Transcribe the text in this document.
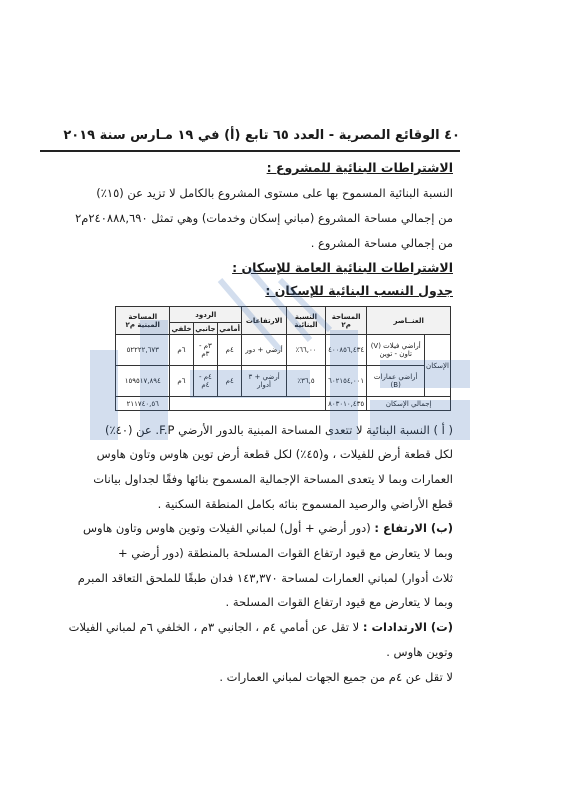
٤٠ الوقائع المصرية - العدد ٦٥ تابع (أ) في ١٩ مـارس سنة ٢٠١٩
الاشتراطات البنائية للمشروع :
النسبة البنائية المسموح بها على مستوى المشروع بالكامل لا تزيد عن (١٥٪)
من إجمالي مساحة المشروع (مباني إسكان وخدمات) وهي تمثل ٢٤٠٨٨٨,٦٩٠م٢
من إجمالي مساحة المشروع .
الاشتراطات البنائية العامة للإسكان :
جدول النسب البنائية للإسكان :
العنــاصر		المساحة م٢	النسبة البنائية	الارتفاعات	الردود			المساحة المبنية م٢
					أمامي	جانبي	خلفي	
الإسكان	أراضي فيلات (V) تاون - توين	٤٠٠٨٥٦,٤٣٤	٦٦,٠٠٪	أرضي + دور	٤م	٣م - ٣م	٦م	٥٢٢٢٢,٦٧٣
	أراضي عمارات (B)	٦٠٢١٥٤,٠٠١	٣٦,٥٪	أرضي + ٣ أدوار	٤م	٤م - ٤م	٦م	١٥٩٥١٧,٨٩٤
إجمالي الإسكان		٨٠٣٠١٠,٤٣٥						٢١١٧٤٠,٥٦
( أ ) النسبة البنائية لا تتعدى المساحة المبنية بالدور الأرضي F.P. عن (٤٠٪)
لكل قطعة أرض للفيلات ، و(٤٥٪) لكل قطعة أرض توين هاوس وتاون هاوس
العمارات وبما لا يتعدى المساحة الإجمالية المسموح بنائها وفقًا لجداول بيانات
قطع الأراضي والرصيد المسموح بنائه بكامل المنطقة السكنية .
(ب) الارتفاع : (دور أرضي + أول) لمباني الفيلات وتوين هاوس وتاون هاوس
وبما لا يتعارض مع قيود ارتفاع القوات المسلحة بالمنطقة (دور أرضي +
ثلاث أدوار) لمباني العمارات لمساحة ١٤٣,٣٧٠ فدان طبقًا للملحق التعاقد المبرم
وبما لا يتعارض مع قيود ارتفاع القوات المسلحة .
(ت) الارتدادات : لا تقل عن أمامي ٤م ، الجانبي ٣م ، الخلفي ٦م لمباني الفيلات
وتوين هاوس .
لا تقل عن ٤م من جميع الجهات لمباني العمارات .
